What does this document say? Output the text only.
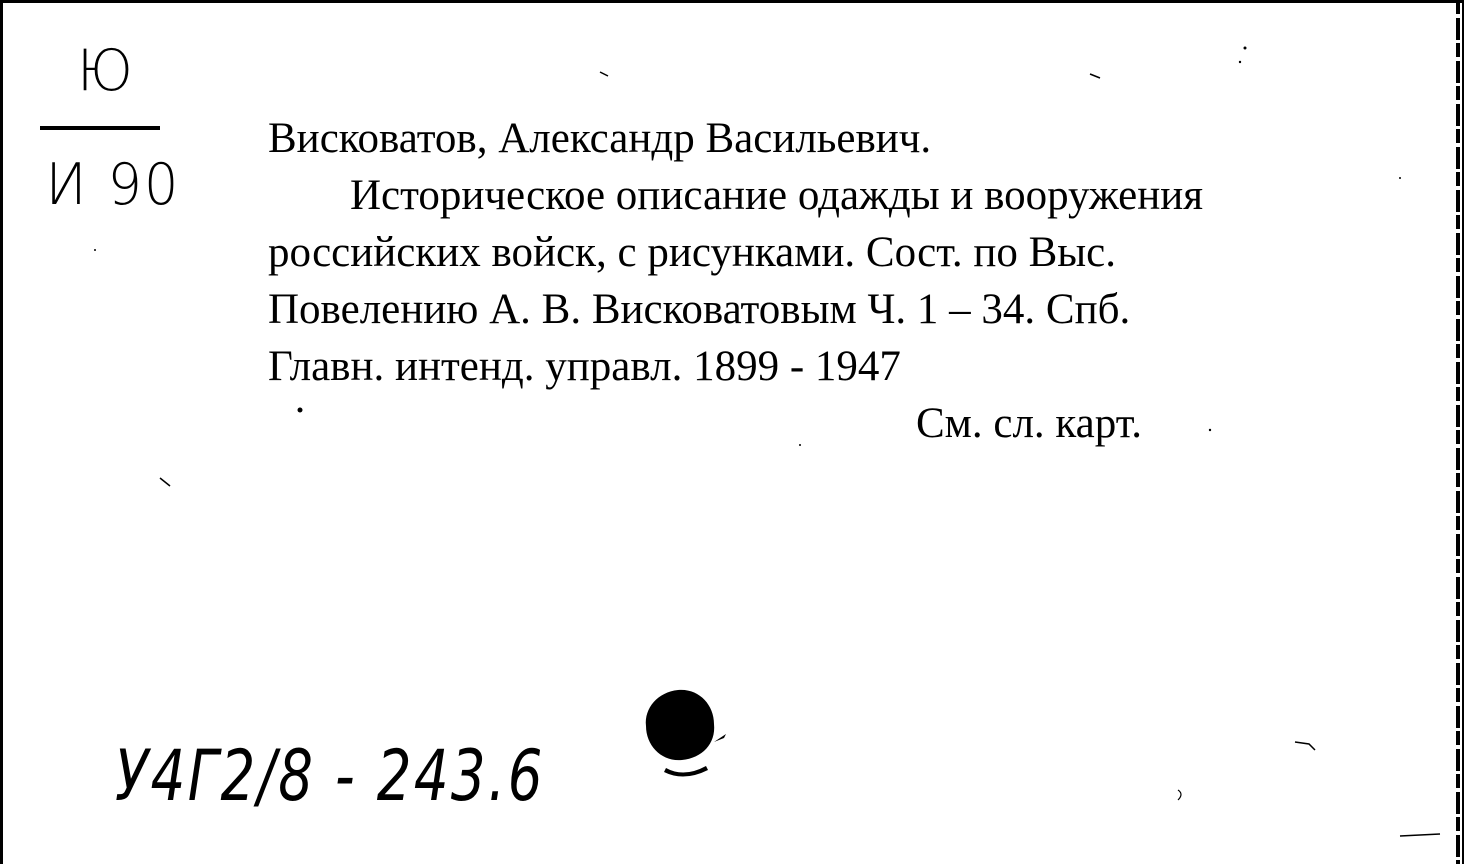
Ю
И 90
Висковатов, Александр Васильевич.
Историческое описание одажды и вооружения
российских войск, с рисунками. Сост. по Выс.
Повелению А. В. Висковатовым Ч. 1 – 34. Спб.
Главн. интенд. управл. 1899 - 1947
См. сл. карт.
У4Г2/8 - 243.6
